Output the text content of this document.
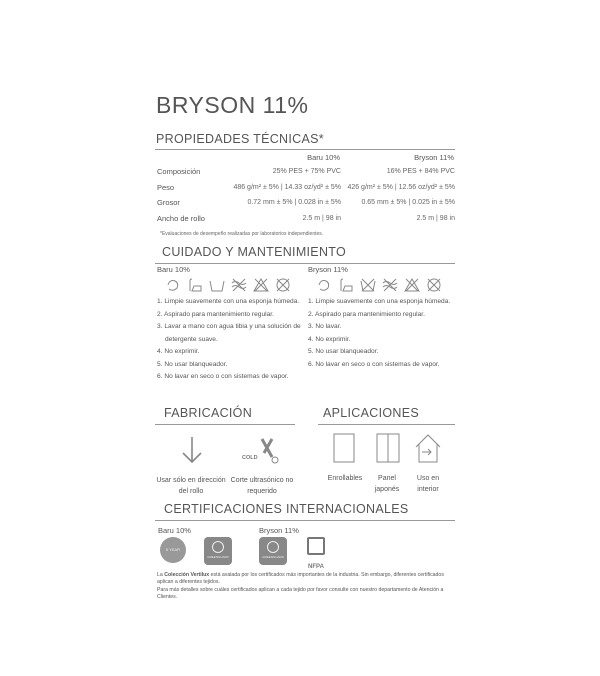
BRYSON 11%
PROPIEDADES TÉCNICAS*
	Baru 10%	Bryson 11%
Composición	25% PES + 75% PVC	16% PES + 84% PVC
Peso	486 g/m² ± 5% | 14.33 oz/yd² ± 5%	426 g/m² ± 5% | 12.56 oz/yd² ± 5%
Grosor	0.72 mm ± 5% | 0.028 in ± 5%	0.65 mm ± 5% | 0.025 in ± 5%
Ancho de rollo	2.5 m | 98 in	2.5 m | 98 in
*Evaluaciones de desempeño realizadas por laboratorios independientes.
CUIDADO Y MANTENIMIENTO
Baru 10%
1. Limpie suavemente con una esponja húmeda.
2. Aspirado para mantenimiento regular.
3. Lavar a mano con agua tibia y una solución de detergente suave.
4. No exprimir.
5. No usar blanqueador.
6. No lavar en seco o con sistemas de vapor.
Bryson 11%
1. Limpie suavemente con una esponja húmeda.
2. Aspirado para mantenimiento regular.
3. No lavar.
4. No exprimir.
5. No usar blanqueador.
6. No lavar en seco o con sistemas de vapor.
FABRICACIÓN	APLICACIONES
COLD
Usar sólo en dirección del rollo
Corte ultrasónico no requerido
Enrollables	Panel japonés
Uso en interior
CERTIFICACIONES INTERNACIONALES
Baru 10%	Bryson 11%
5 YEAR
GREENGUARD	GREENGUARD
NFPA
La Colección Vertilux está avalada por los certificados más importantes de la industria. Sin embargo, diferentes certificados aplican a diferentes tejidos.
Para más detalles sobre cuáles certificados aplican a cada tejido por favor consulte con nuestro departamento de Atención a Clientes.
